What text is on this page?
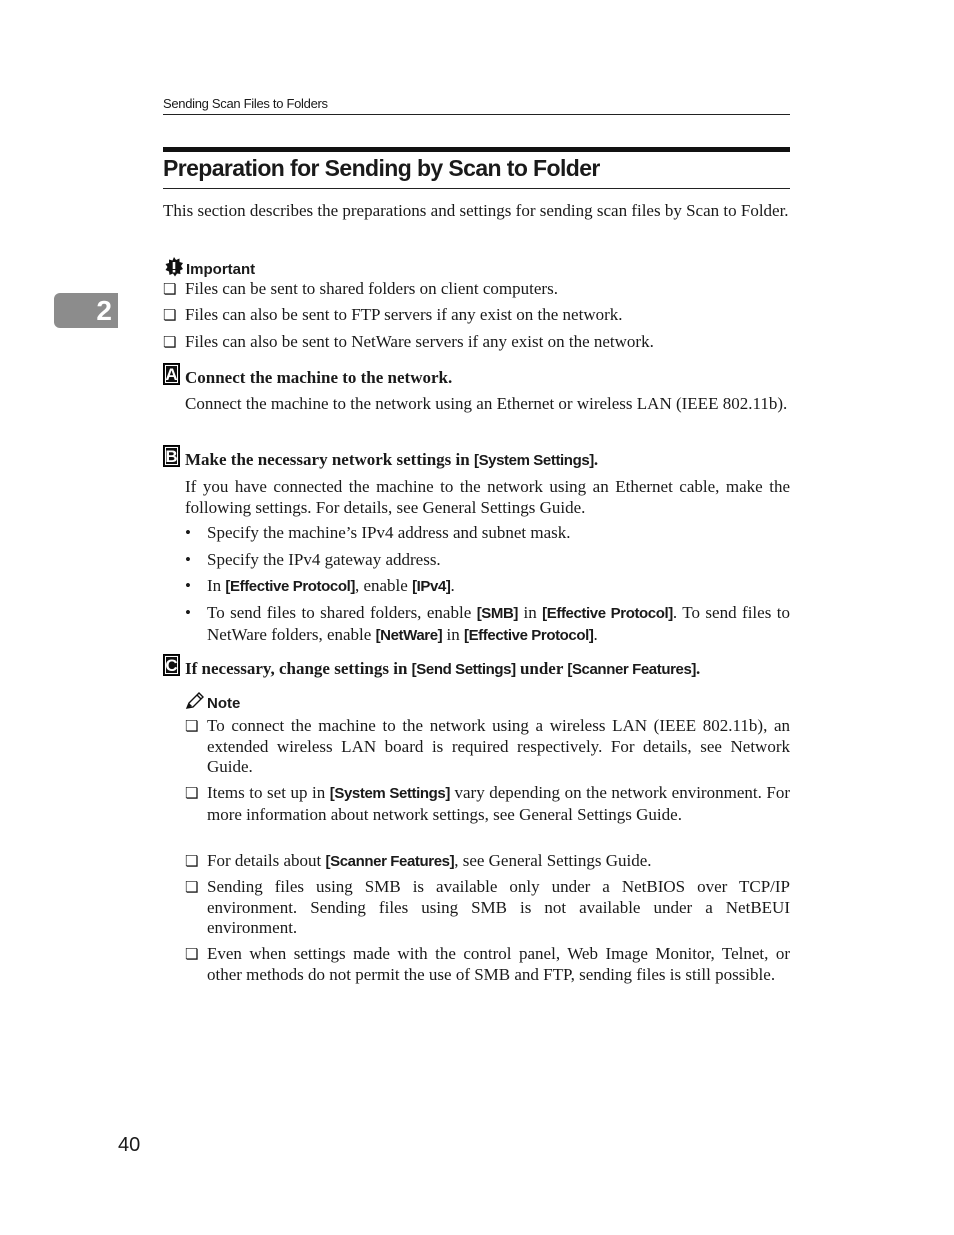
Sending Scan Files to Folders
Preparation for Sending by Scan to Folder
2

This section describes the preparations and settings for sending scan files by Scan to Folder.

Important
❏ Files can be sent to shared folders on client computers.
❏ Files can also be sent to FTP servers if any exist on the network.
❏ Files can also be sent to NetWare servers if any exist on the network.
A Connect the machine to the network.

Connect the machine to the network using an Ethernet or wireless LAN (IEEE 802.11b).

B Make the necessary network settings in [System Settings].

If you have connected the machine to the network using an Ethernet cable, make the following settings. For details, see General Settings Guide.

• Specify the machine’s IPv4 address and subnet mask.
• Specify the IPv4 gateway address.
• In [Effective Protocol], enable [IPv4].
• To send files to shared folders, enable [SMB] in [Effective Protocol]. To send files to NetWare folders, enable [NetWare] in [Effective Protocol].
C If necessary, change settings in [Send Settings] under [Scanner Features].
Note
❏ To connect the machine to the network using a wireless LAN (IEEE 802.11b), an extended wireless LAN board is required respectively. For details, see Network Guide.
❏ Items to set up in [System Settings] vary depending on the network environment. For more information about network settings, see General Settings Guide.
❏ For details about [Scanner Features], see General Settings Guide.
❏ Sending files using SMB is available only under a NetBIOS over TCP/IP environment. Sending files using SMB is not available under a NetBEUI environment.
❏ Even when settings made with the control panel, Web Image Monitor, Telnet, or other methods do not permit the use of SMB and FTP, sending files is still possible.
40
